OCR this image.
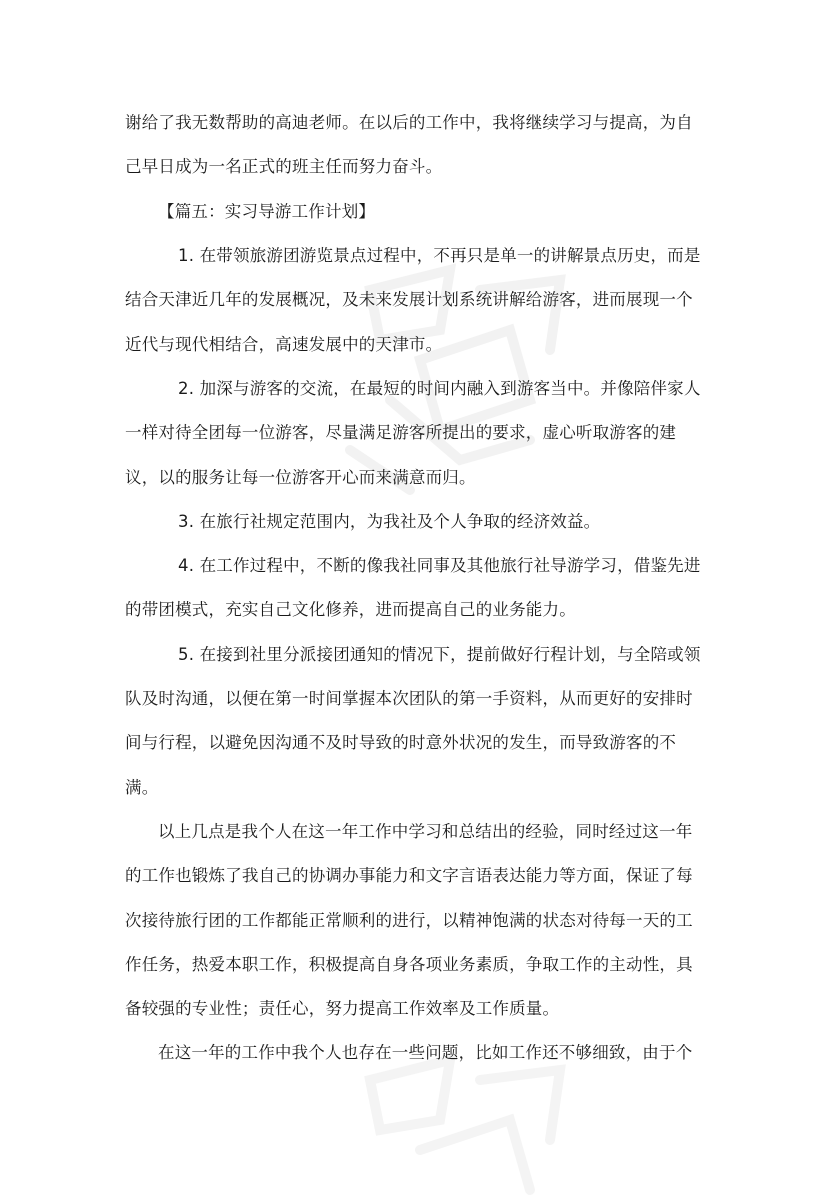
谢给了我无数帮助的高迪老师。在以后的工作中，我将继续学习与提高，为自
己早日成为一名正式的班主任而努力奋斗。
【篇五：实习导游工作计划】
1. 在带领旅游团游览景点过程中，不再只是单一的讲解景点历史，而是
结合天津近几年的发展概况，及未来发展计划系统讲解给游客，进而展现一个
近代与现代相结合，高速发展中的天津市。
2. 加深与游客的交流，在最短的时间内融入到游客当中。并像陪伴家人
一样对待全团每一位游客，尽量满足游客所提出的要求，虚心听取游客的建
议，以的服务让每一位游客开心而来满意而归。
3. 在旅行社规定范围内，为我社及个人争取的经济效益。
4. 在工作过程中，不断的像我社同事及其他旅行社导游学习，借鉴先进
的带团模式，充实自己文化修养，进而提高自己的业务能力。
5. 在接到社里分派接团通知的情况下，提前做好行程计划，与全陪或领
队及时沟通，以便在第一时间掌握本次团队的第一手资料，从而更好的安排时
间与行程，以避免因沟通不及时导致的时意外状况的发生，而导致游客的不
满。
以上几点是我个人在这一年工作中学习和总结出的经验，同时经过这一年
的工作也锻炼了我自己的协调办事能力和文字言语表达能力等方面，保证了每
次接待旅行团的工作都能正常顺利的进行，以精神饱满的状态对待每一天的工
作任务，热爱本职工作，积极提高自身各项业务素质，争取工作的主动性，具
备较强的专业性；责任心，努力提高工作效率及工作质量。
在这一年的工作中我个人也存在一些问题，比如工作还不够细致，由于个
